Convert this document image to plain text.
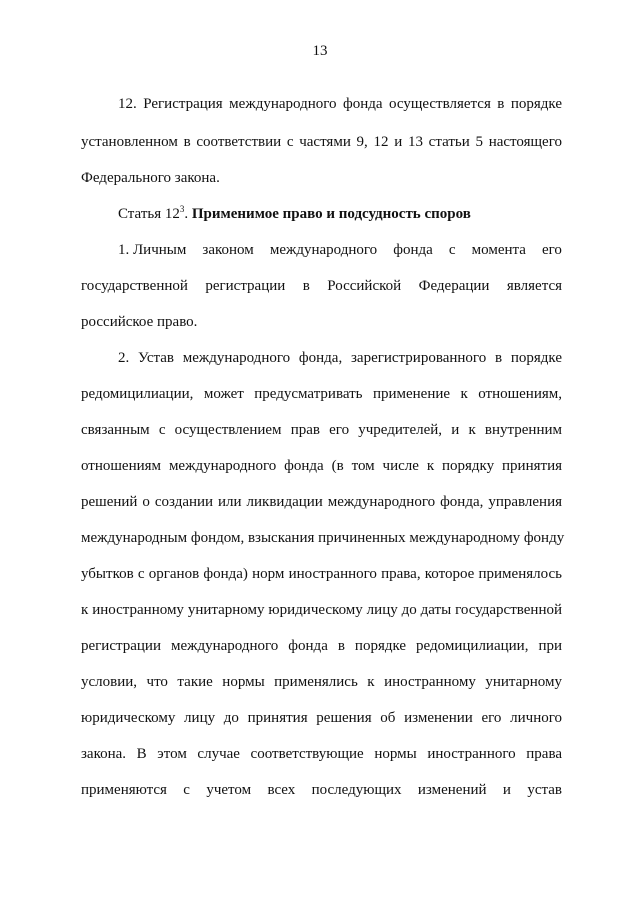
13
12. Регистрация международного фонда осуществляется в порядке
установленном в соответствии с частями 9, 12 и 13 статьи 5 настоящего
Федерального закона.
Статья $12^3$. Применимое право и подсудность споров
1. Личным законом международного фонда с момента его
государственной регистрации в Российской Федерации является
российское право.
2. Устав международного фонда, зарегистрированного в порядке
редомицилиации, может предусматривать применение к отношениям,
связанным с осуществлением прав его учредителей, и к внутренним
отношениям международного фонда (в том числе к порядку принятия
решений о создании или ликвидации международного фонда, управления
международным фондом, взыскания причиненных международному фонду
убытков с органов фонда) норм иностранного права, которое применялось
к иностранному унитарному юридическому лицу до даты государственной
регистрации международного фонда в порядке редомицилиации, при
условии, что такие нормы применялись к иностранному унитарному
юридическому лицу до принятия решения об изменении его личного
закона. В этом случае соответствующие нормы иностранного права
применяются с учетом всех последующих изменений и устав
